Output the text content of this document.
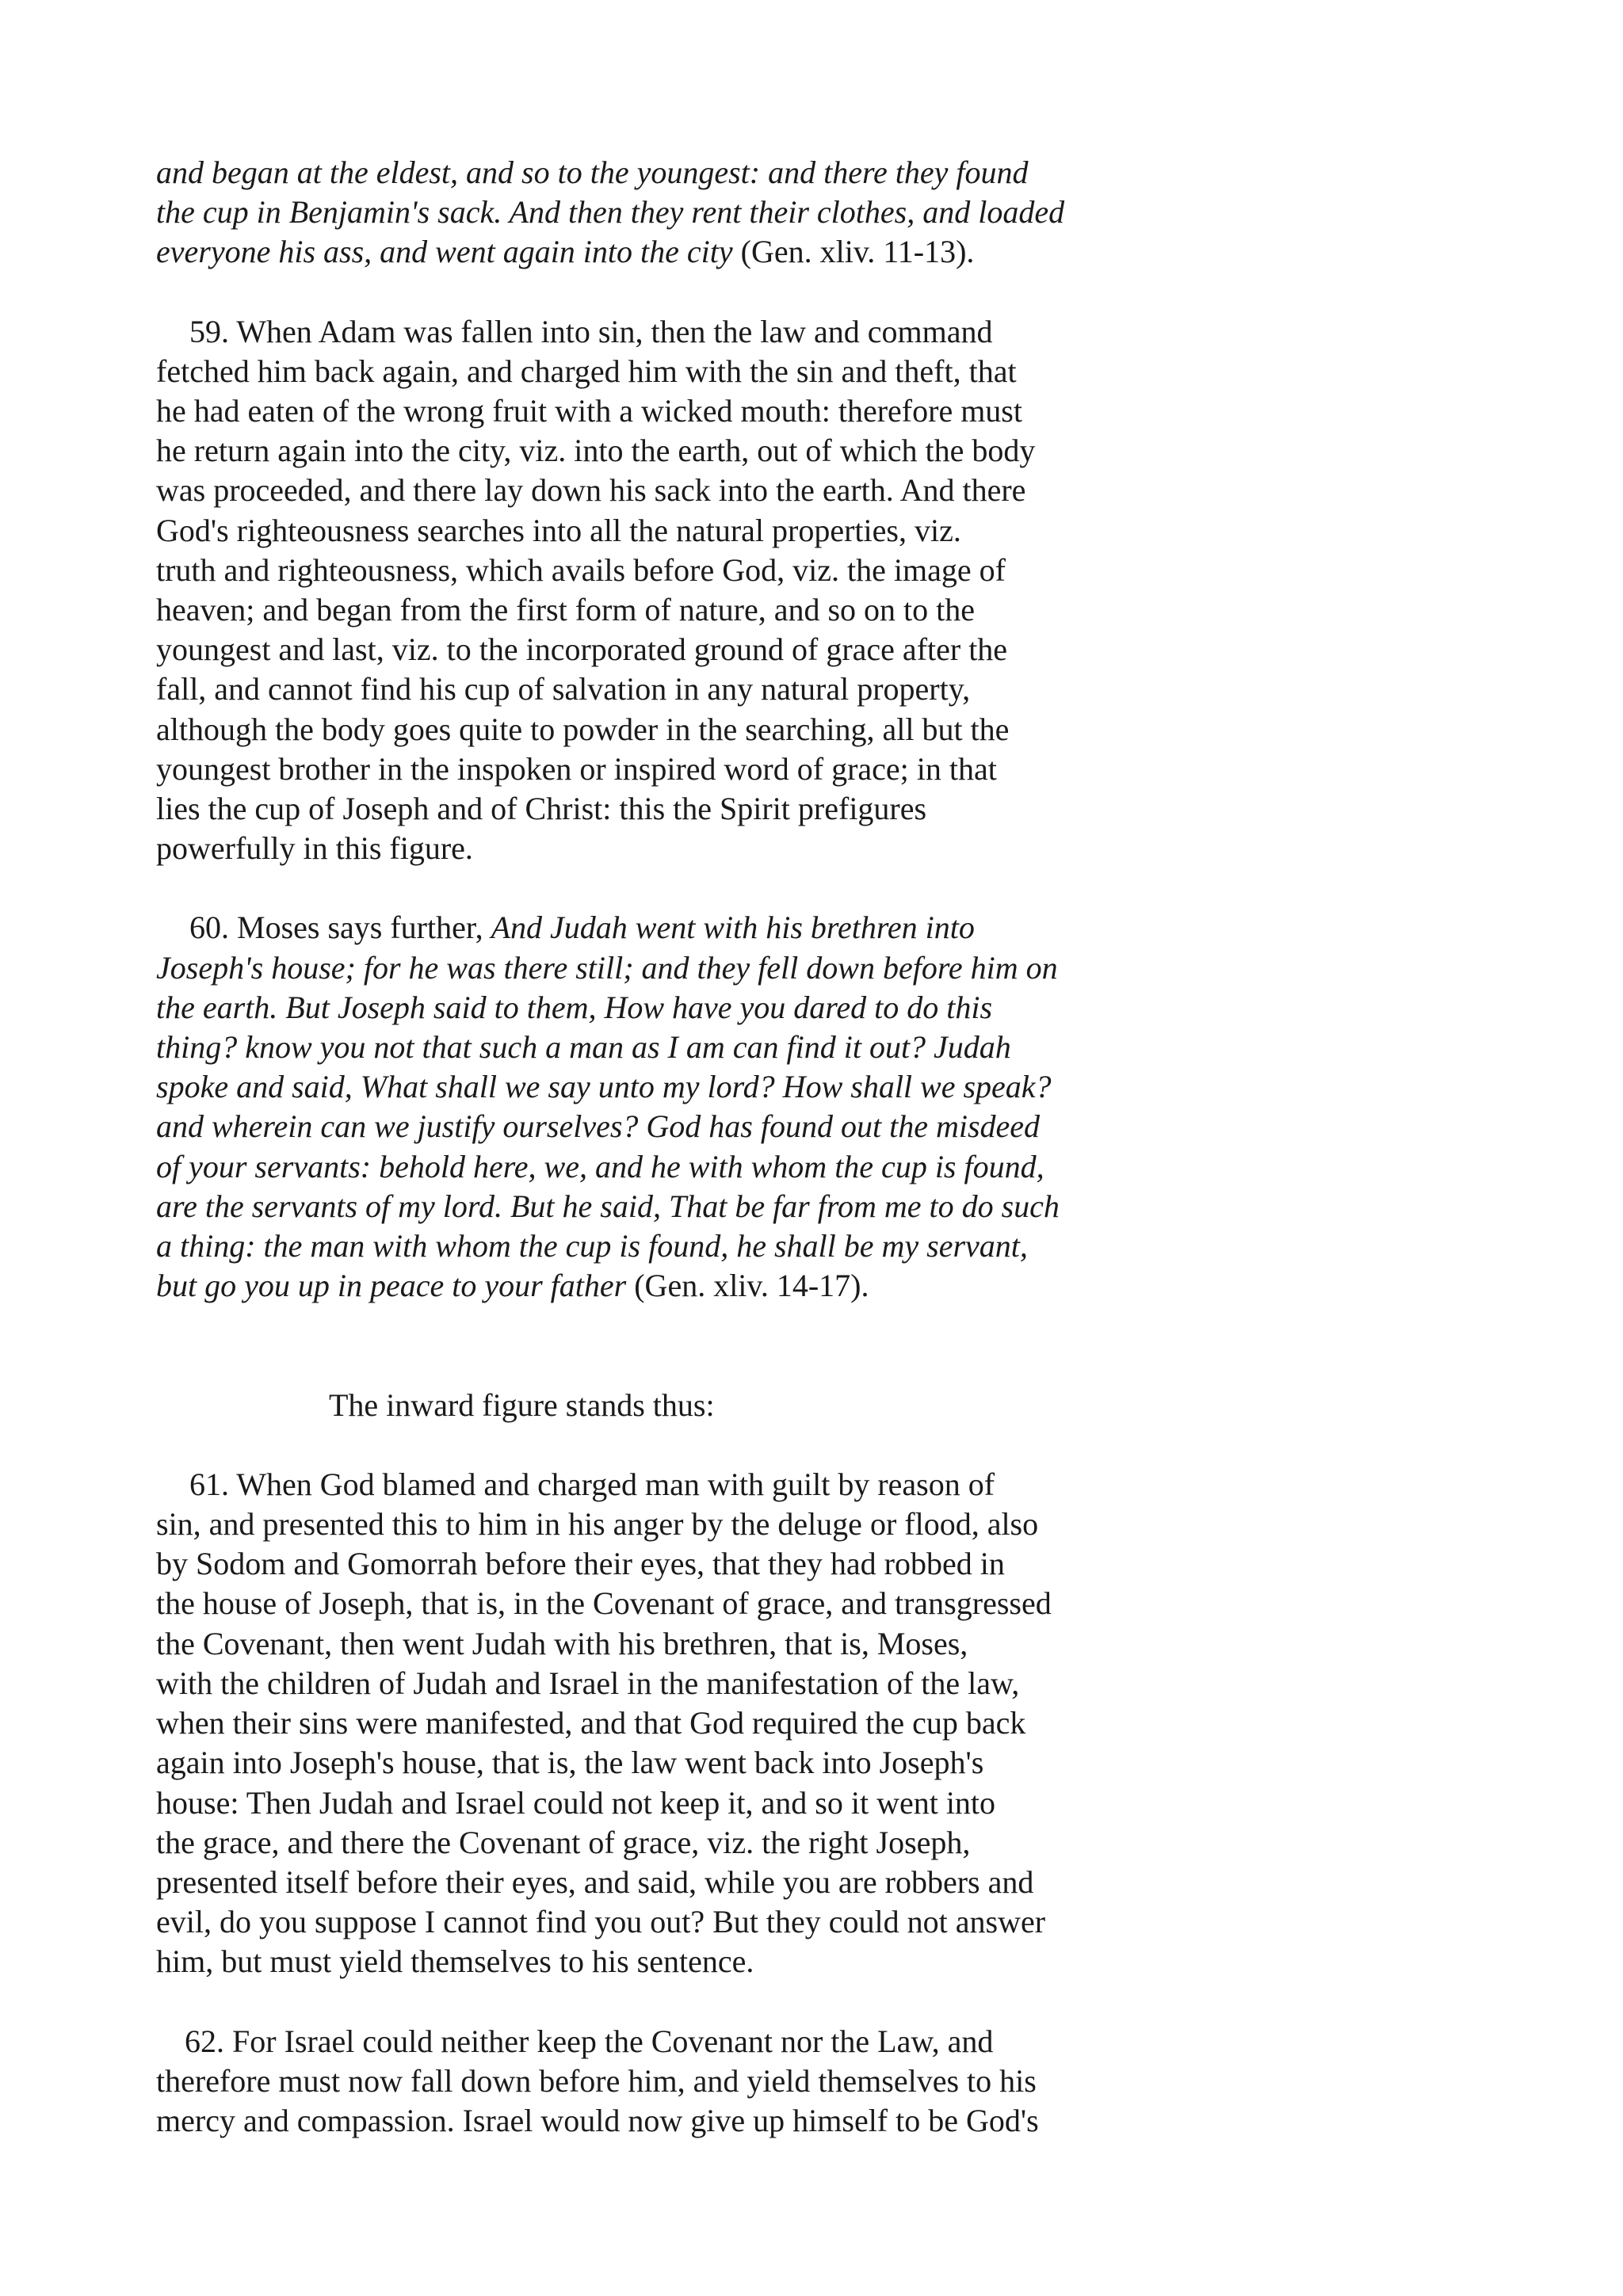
and began at the eldest, and so to the youngest: and there they found
the cup in Benjamin's sack. And then they rent their clothes, and loaded
everyone his ass, and went again into the city (Gen. xliv. 11-13).
59. When Adam was fallen into sin, then the law and command
fetched him back again, and charged him with the sin and theft, that
he had eaten of the wrong fruit with a wicked mouth: therefore must
he return again into the city, viz. into the earth, out of which the body
was proceeded, and there lay down his sack into the earth. And there
God's righteousness searches into all the natural properties, viz.
truth and righteousness, which avails before God, viz. the image of
heaven; and began from the first form of nature, and so on to the
youngest and last, viz. to the incorporated ground of grace after the
fall, and cannot find his cup of salvation in any natural property,
although the body goes quite to powder in the searching, all but the
youngest brother in the inspoken or inspired word of grace; in that
lies the cup of Joseph and of Christ: this the Spirit prefigures
powerfully in this figure.
60. Moses says further, And Judah went with his brethren into
Joseph's house; for he was there still; and they fell down before him on
the earth. But Joseph said to them, How have you dared to do this
thing? know you not that such a man as I am can find it out? Judah
spoke and said, What shall we say unto my lord? How shall we speak?
and wherein can we justify ourselves? God has found out the misdeed
of your servants: behold here, we, and he with whom the cup is found,
are the servants of my lord. But he said, That be far from me to do such
a thing: the man with whom the cup is found, he shall be my servant,
but go you up in peace to your father (Gen. xliv. 14-17).
The inward figure stands thus:
61. When God blamed and charged man with guilt by reason of
sin, and presented this to him in his anger by the deluge or flood, also
by Sodom and Gomorrah before their eyes, that they had robbed in
the house of Joseph, that is, in the Covenant of grace, and transgressed
the Covenant, then went Judah with his brethren, that is, Moses,
with the children of Judah and Israel in the manifestation of the law,
when their sins were manifested, and that God required the cup back
again into Joseph's house, that is, the law went back into Joseph's
house: Then Judah and Israel could not keep it, and so it went into
the grace, and there the Covenant of grace, viz. the right Joseph,
presented itself before their eyes, and said, while you are robbers and
evil, do you suppose I cannot find you out? But they could not answer
him, but must yield themselves to his sentence.
62. For Israel could neither keep the Covenant nor the Law, and
therefore must now fall down before him, and yield themselves to his
mercy and compassion. Israel would now give up himself to be God's
